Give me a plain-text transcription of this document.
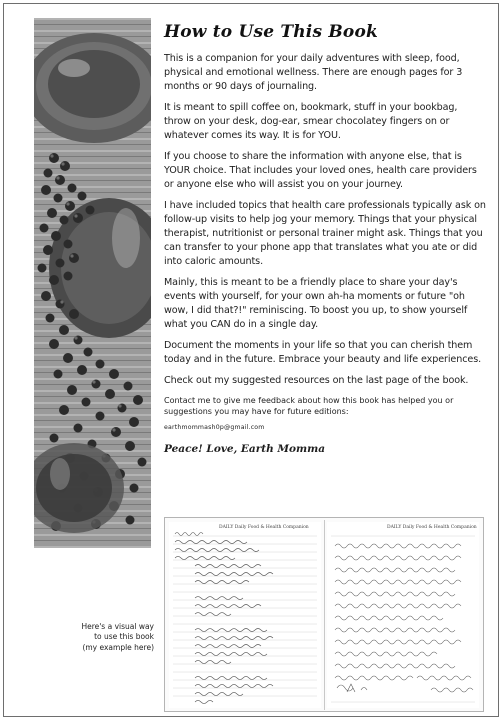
How to Use This Book

This is a companion for your daily adventures with sleep, food, physical and emotional wellness. There are enough pages for 3 months or 90 days of journaling.

It is meant to spill coffee on, bookmark, stuff in your bookbag, throw on your desk, dog-ear, smear chocolatey fingers on or whatever comes its way. It is for YOU.

If you choose to share the information with anyone else, that is YOUR choice. That includes your loved ones, health care providers or anyone else who will assist you on your journey.

I have included topics that health care professionals typically ask on follow-up visits to help jog your memory. Things that your physical therapist, nutritionist or personal trainer might ask. Things that you can transfer to your phone app that translates what you ate or did into caloric amounts.

Mainly, this is meant to be a friendly place to share your day's events with yourself, for your own ah-ha moments or future "oh wow, I did that?!" reminiscing. To boost you up, to show yourself what you CAN do in a single day.

Document the moments in your life so that you can cherish them today and in the future. Embrace your beauty and life experiences.

Check out my suggested resources on the last page of the book.

Contact me to give me feedback about how this book has helped you or suggestions you may have for future editions:

earthmommash0p@gmail.com

Peace! Love, Earth Momma

Here's a visual way to use this book (my example here)
DAILY Daily Food & Health Companion	DAILY Daily Food & Health Companion
